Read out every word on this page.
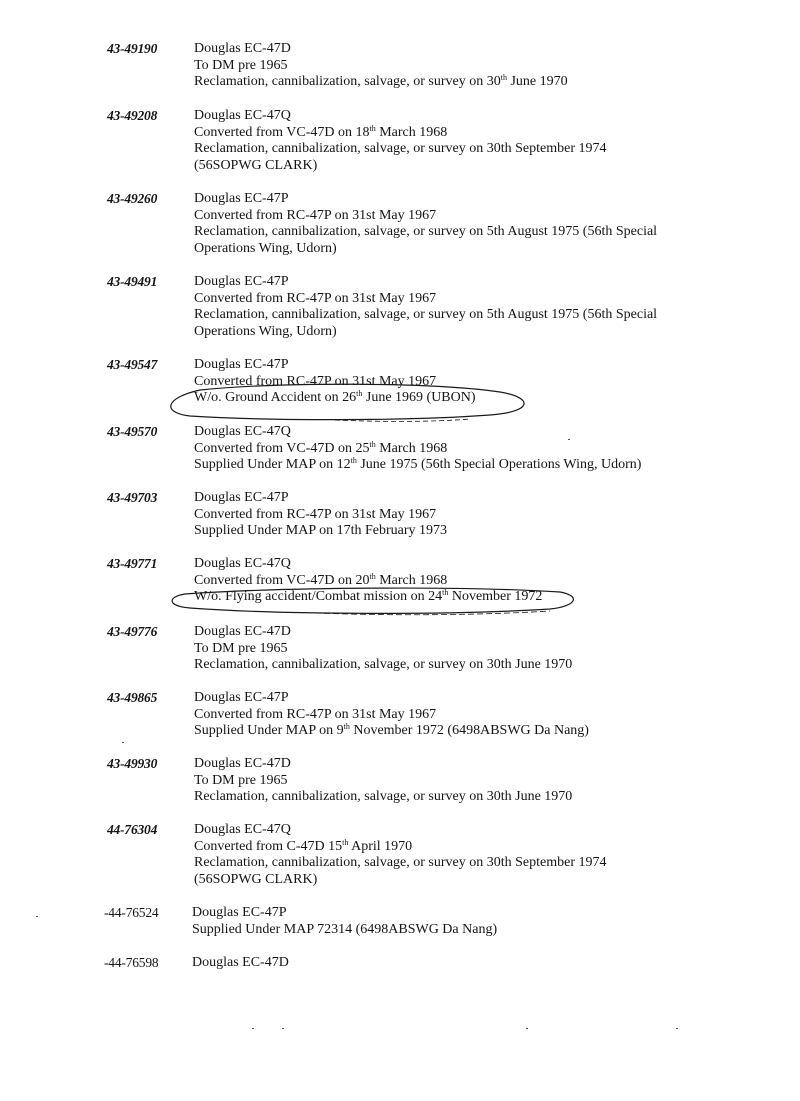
43-49190	Douglas EC-47D
To DM pre 1965
Reclamation, cannibalization, salvage, or survey on 30th June 1970
43-49208	Douglas EC-47Q
Converted from VC-47D on 18th March 1968
Reclamation, cannibalization, salvage, or survey on 30th September 1974
(56SOPWG CLARK)
43-49260	Douglas EC-47P
Converted from RC-47P on 31st May 1967
Reclamation, cannibalization, salvage, or survey on 5th August 1975 (56th Special
Operations Wing, Udorn)
43-49491	Douglas EC-47P
Converted from RC-47P on 31st May 1967
Reclamation, cannibalization, salvage, or survey on 5th August 1975 (56th Special
Operations Wing, Udorn)
43-49547	Douglas EC-47P
Converted from RC-47P on 31st May 1967
W/o. Ground Accident on 26th June 1969 (UBON)
43-49570	Douglas EC-47Q
Converted from VC-47D on 25th March 1968
Supplied Under MAP on 12th June 1975 (56th Special Operations Wing, Udorn)
43-49703	Douglas EC-47P
Converted from RC-47P on 31st May 1967
Supplied Under MAP on 17th February 1973
43-49771	Douglas EC-47Q
Converted from VC-47D on 20th March 1968
W/o. Flying accident/Combat mission on 24th November 1972
43-49776	Douglas EC-47D
To DM pre 1965
Reclamation, cannibalization, salvage, or survey on 30th June 1970
43-49865	Douglas EC-47P
Converted from RC-47P on 31st May 1967
Supplied Under MAP on 9th November 1972 (6498ABSWG Da Nang)
43-49930	Douglas EC-47D
To DM pre 1965
Reclamation, cannibalization, salvage, or survey on 30th June 1970
44-76304	Douglas EC-47Q
Converted from C-47D 15th April 1970
Reclamation, cannibalization, salvage, or survey on 30th September 1974
(56SOPWG CLARK)
-44-76524 Douglas EC-47P
Supplied Under MAP 72314 (6498ABSWG Da Nang)
-44-76598 Douglas EC-47D
